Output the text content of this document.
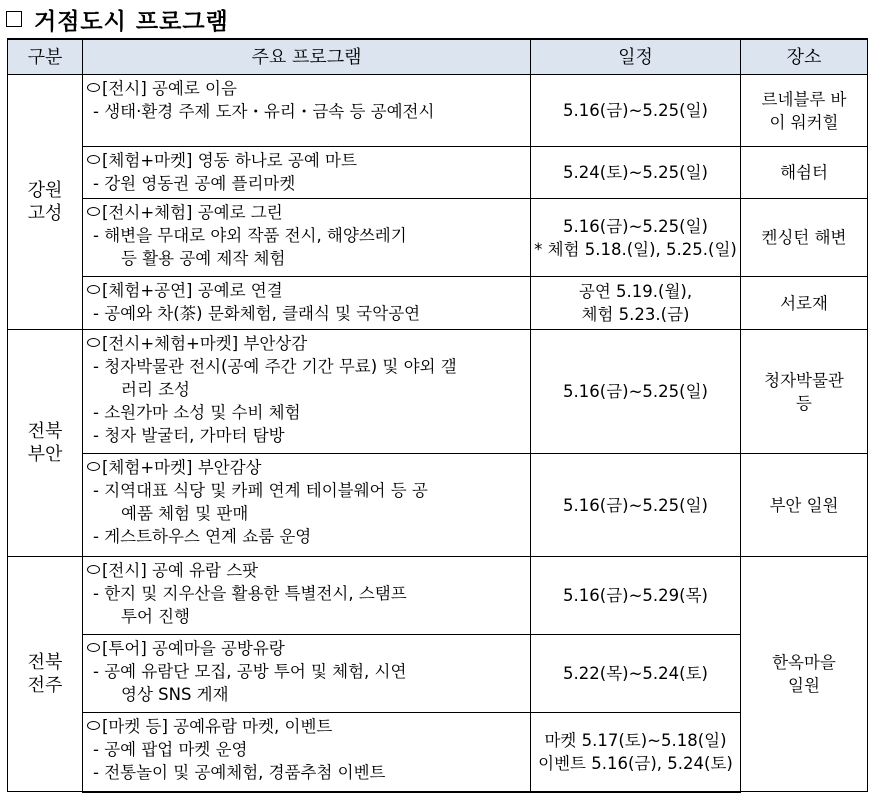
거점도시 프로그램
구분	주요 프로그램	일정	장소

강원
고성	[전시] 공예로 이음
- 생태·환경 주제 도자・유리・금속 등 공예전시	5.16(금)~5.25(일)	르네블루 바
이 워커힐

	[체험+마켓] 영동 하나로 공예 마트
- 강원 영동권 공예 플리마켓	5.24(토)~5.25(일)	해쉼터

	[전시+체험] 공예로 그린
- 해변을 무대로 야외 작품 전시, 해양쓰레기
등 활용 공예 제작 체험	5.16(금)~5.25(일)
* 체험 5.18.(일), 5.25.(일)	켄싱턴 해변

	[체험+공연] 공예로 연결
- 공예와 차(茶) 문화체험, 클래식 및 국악공연	공연 5.19.(월),
체험 5.23.(금)	서로재

전북
부안	[전시+체험+마켓] 부안상감
- 청자박물관 전시(공예 주간 기간 무료) 및 야외 갤
러리 조성
- 소원가마 소성 및 수비 체험
- 청자 발굴터, 가마터 탐방	5.16(금)~5.25(일)	청자박물관
등

	[체험+마켓] 부안감상
- 지역대표 식당 및 카페 연계 테이블웨어 등 공
예품 체험 및 판매
- 게스트하우스 연계 쇼룸 운영	5.16(금)~5.25(일)	부안 일원

전북
전주	[전시] 공예 유람 스팟
- 한지 및 지우산을 활용한 특별전시, 스탬프
투어 진행	5.16(금)~5.29(목)	한옥마을
일원

	[투어] 공예마을 공방유랑
- 공예 유람단 모집, 공방 투어 및 체험, 시연
영상 SNS 게재	5.22(목)~5.24(토)	

	[마켓 등] 공예유람 마켓, 이벤트
- 공예 팝업 마켓 운영
- 전통놀이 및 공예체험, 경품추첨 이벤트	마켓 5.17(토)~5.18(일)
이벤트 5.16(금), 5.24(토)	
